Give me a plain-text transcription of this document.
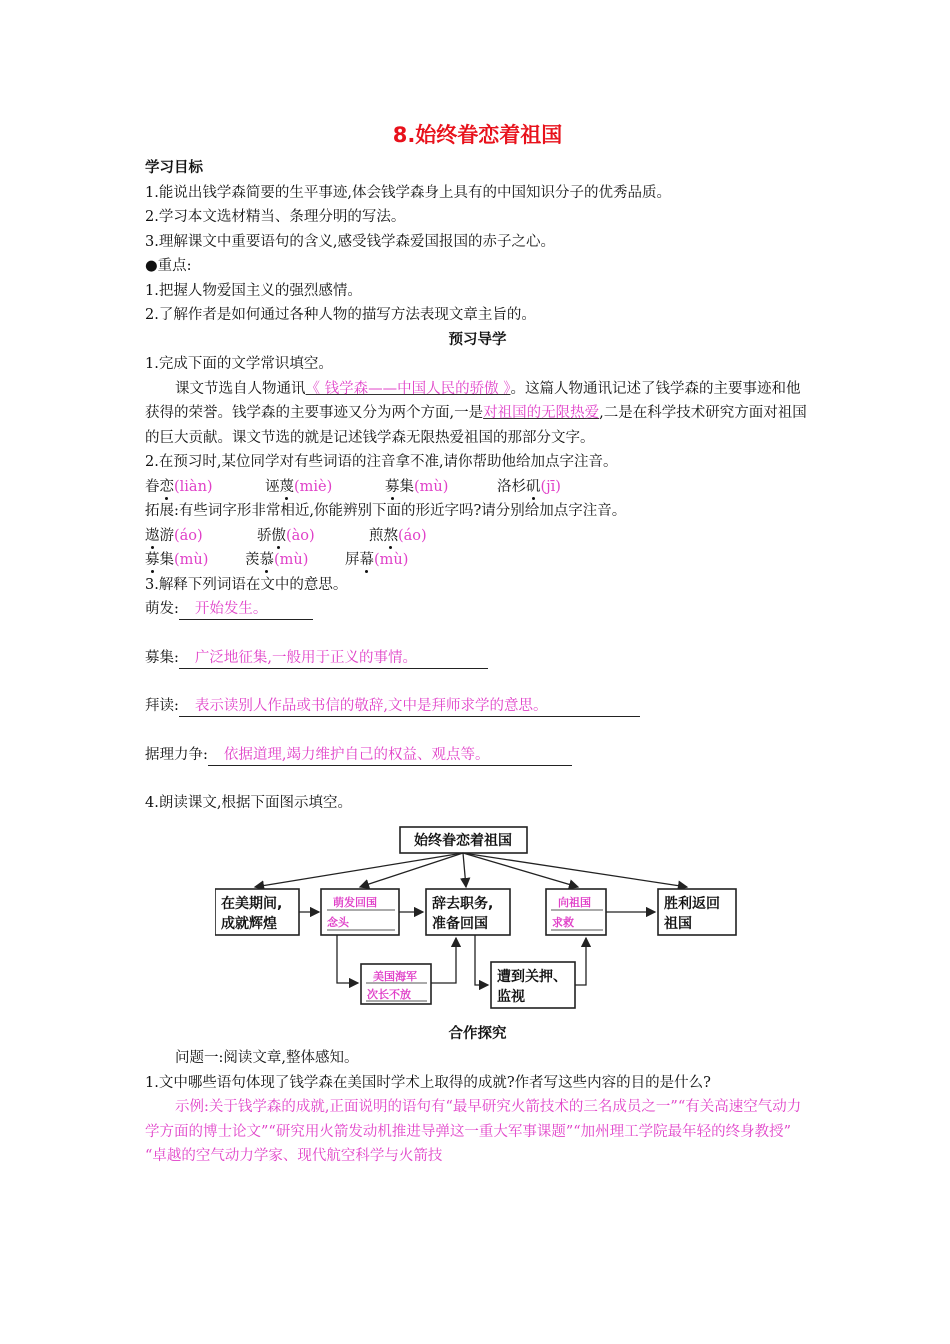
8.始终眷恋着祖国
学习目标
1.能说出钱学森简要的生平事迹,体会钱学森身上具有的中国知识分子的优秀品质。
2.学习本文选材精当、条理分明的写法。
3.理解课文中重要语句的含义,感受钱学森爱国报国的赤子之心。
●重点:
1.把握人物爱国主义的强烈感情。
2.了解作者是如何通过各种人物的描写方法表现文章主旨的。
预习导学
1.完成下面的文学常识填空。
课文节选自人物通讯《 钱学森——中国人民的骄傲 》。这篇人物通讯记述了钱学森的主要事迹和他获得的荣誉。钱学森的主要事迹又分为两个方面,一是对祖国的无限热爱,二是在科学技术研究方面对祖国的巨大贡献。课文节选的就是记述钱学森无限热爱祖国的那部分文字。
2.在预习时,某位同学对有些词语的注音拿不准,请你帮助他给加点字注音。
眷恋(liàn)	诬蔑(miè)	募集(mù)	洛杉矶(jī)
拓展:有些词字形非常相近,你能辨别下面的形近字吗?请分别给加点字注音。
遨游(áo)	骄傲(ào)	煎熬(áo)
募集(mù)	羡慕(mù)	屏幕(mù)
3.解释下列词语在文中的意思。
萌发: 开始发生。
募集: 广泛地征集,一般用于正义的事情。
拜读: 表示读别人作品或书信的敬辞,文中是拜师求学的意思。
据理力争: 依据道理,竭力维护自己的权益、观点等。
4.朗读课文,根据下面图示填空。
始终眷恋着祖国
在美期间,
成就辉煌
萌发回国
念头
辞去职务,
准备回国
向祖国
求救
胜利返回
祖国
美国海军
次长不放
遭到关押、
监视
合作探究
问题一:阅读文章,整体感知。
1.文中哪些语句体现了钱学森在美国时学术上取得的成就?作者写这些内容的目的是什么?
示例:关于钱学森的成就,正面说明的语句有“最早研究火箭技术的三名成员之一”“有关高速空气动力学方面的博士论文”“研究用火箭发动机推进导弹这一重大军事课题”“加州理工学院最年轻的终身教授” “卓越的空气动力学家、现代航空科学与火箭技
